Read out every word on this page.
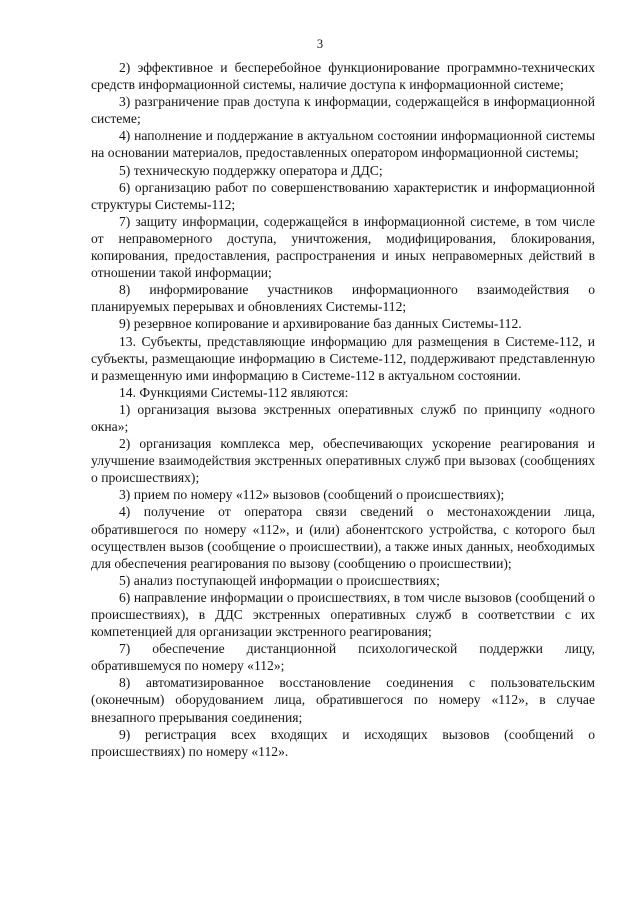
3

2) эффективное и бесперебойное функционирование программно-технических средств информационной системы, наличие доступа к информационной системе;

3) разграничение прав доступа к информации, содержащейся в информационной системе;

4) наполнение и поддержание в актуальном состоянии информационной системы на основании материалов, предоставленных оператором информационной системы;

5) техническую поддержку оператора и ДДС;

6) организацию работ по совершенствованию характеристик и информационной структуры Системы-112;

7) защиту информации, содержащейся в информационной системе, в том числе от неправомерного доступа, уничтожения, модифицирования, блокирования, копирования, предоставления, распространения и иных неправомерных действий в отношении такой информации;

8) информирование участников информационного взаимодействия о планируемых перерывах и обновлениях Системы-112;

9) резервное копирование и архивирование баз данных Системы-112.

13. Субъекты, представляющие информацию для размещения в Системе-112, и субъекты, размещающие информацию в Системе-112, поддерживают представленную и размещенную ими информацию в Системе-112 в актуальном состоянии.

14. Функциями Системы-112 являются:

1) организация вызова экстренных оперативных служб по принципу «одного окна»;

2) организация комплекса мер, обеспечивающих ускорение реагирования и улучшение взаимодействия экстренных оперативных служб при вызовах (сообщениях о происшествиях);

3) прием по номеру «112» вызовов (сообщений о происшествиях);

4) получение от оператора связи сведений о местонахождении лица, обратившегося по номеру «112», и (или) абонентского устройства, с которого был осуществлен вызов (сообщение о происшествии), а также иных данных, необходимых для обеспечения реагирования по вызову (сообщению о происшествии);

5) анализ поступающей информации о происшествиях;

6) направление информации о происшествиях, в том числе вызовов (сообщений о происшествиях), в ДДС экстренных оперативных служб в соответствии с их компетенцией для организации экстренного реагирования;

7) обеспечение дистанционной психологической поддержки лицу, обратившемуся по номеру «112»;

8) автоматизированное восстановление соединения с пользовательским (оконечным) оборудованием лица, обратившегося по номеру «112», в случае внезапного прерывания соединения;

9) регистрация всех входящих и исходящих вызовов (сообщений о происшествиях) по номеру «112».
